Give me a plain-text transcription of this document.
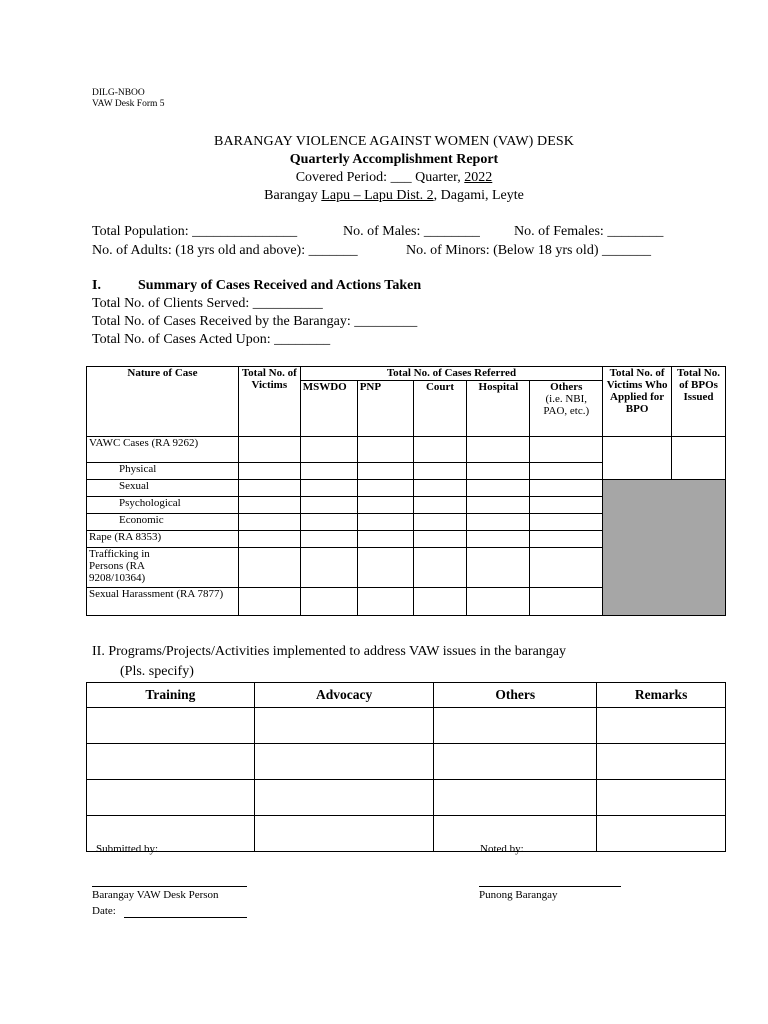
DILG-NBOO
VAW Desk Form 5
BARANGAY VIOLENCE AGAINST WOMEN (VAW) DESK
Quarterly Accomplishment Report
Covered Period: ___ Quarter, 2022
Barangay Lapu – Lapu Dist. 2, Dagami, Leyte
Total Population: _______________	No. of Males: ________ No. of Females: ________
No. of Adults: (18 yrs old and above): _______	No. of Minors: (Below 18 yrs old) _______
I.	Summary of Cases Received and Actions Taken
Total No. of Clients Served: __________
Total No. of Cases Received by the Barangay: _________
Total No. of Cases Acted Upon: ________
Nature of Case	Total No. of Victims	Total No. of Cases Referred					Total No. of Victims Who Applied for BPO	Total No. of BPOs Issued
		MSWDO	PNP	Court	Hospital	Others
(i.e. NBI, PAO, etc.)		

VAWC Cases (RA 9262)								
Physical								
Sexual								
Psychological								
Economic								
Rape (RA 8353)								
Trafficking in Persons (RA 9208/10364)								
Sexual Harassment (RA 7877)								
II. Programs/Projects/Activities implemented to address VAW issues in the barangay
(Pls. specify)
Training	Advocacy	Others	Remarks

Submitted by:	Noted by:
Barangay VAW Desk Person
Date:
Punong Barangay
